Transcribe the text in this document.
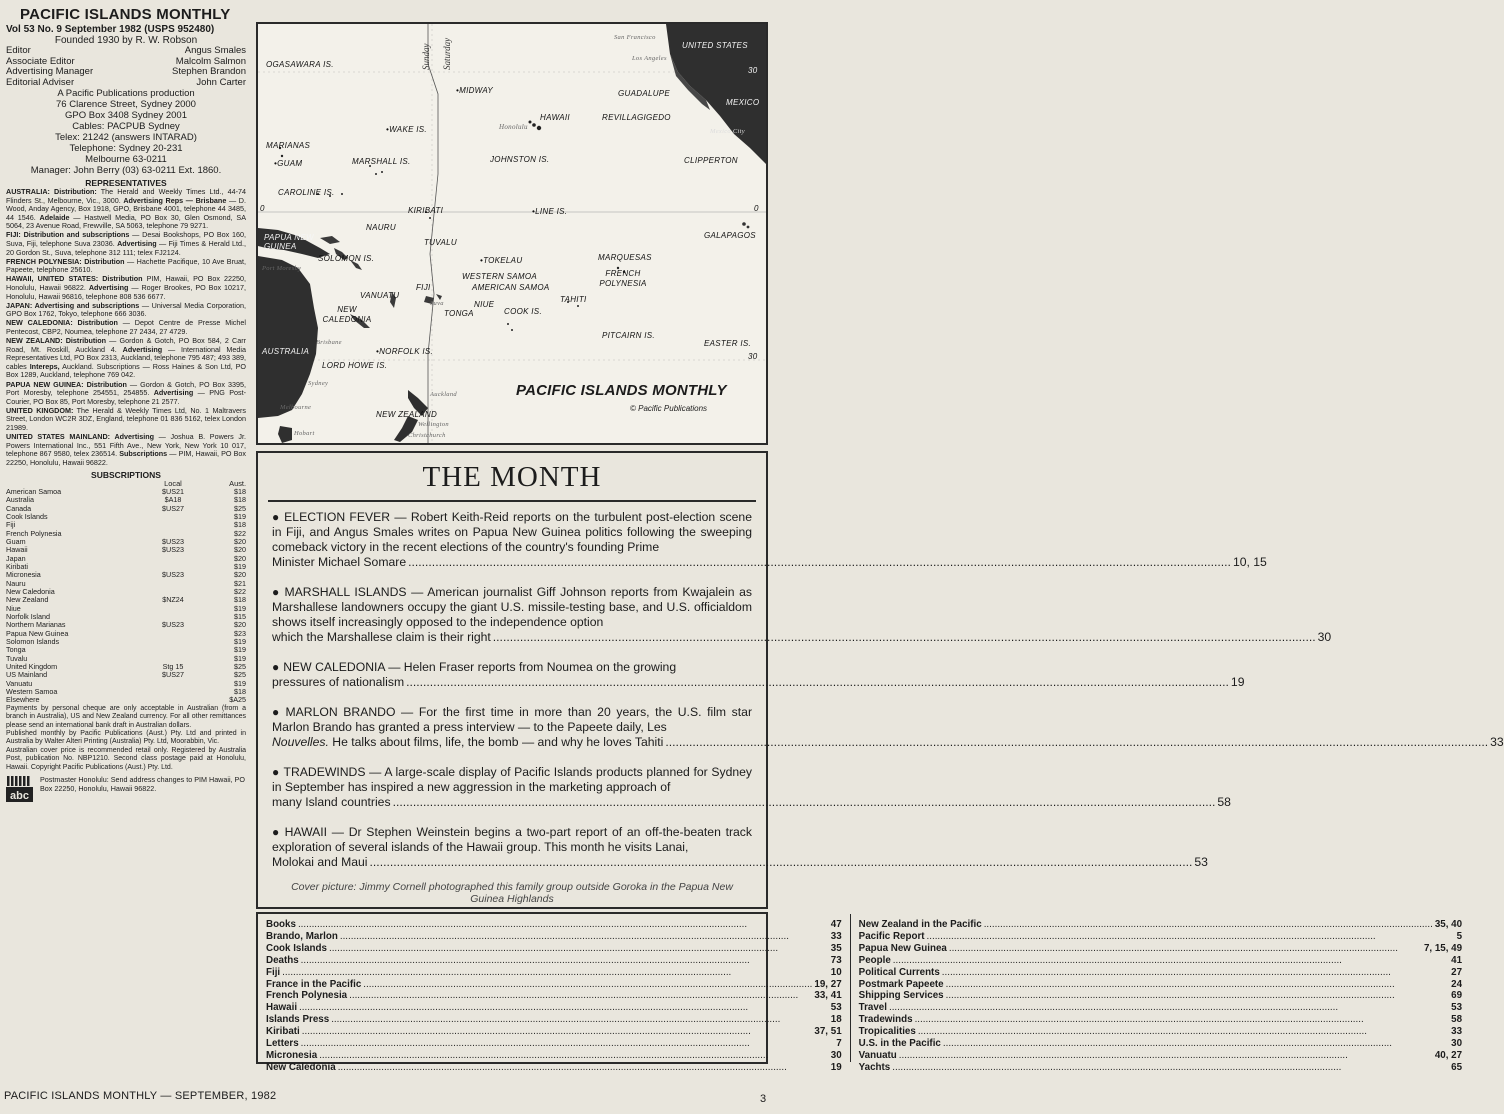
PACIFIC ISLANDS MONTHLY
Vol 53 No. 9 September 1982 (USPS 952480)
Founded 1930 by R. W. Robson
Editor	Angus Smales
Associate Editor	Malcolm Salmon
Advertising Manager	Stephen Brandon
Editorial Adviser	John Carter
A Pacific Publications production
76 Clarence Street, Sydney 2000
GPO Box 3408 Sydney 2001
Cables: PACPUB Sydney
Telex: 21242 (answers INTARAD)
Telephone: Sydney 20-231
Melbourne 63-0211
Manager: John Berry (03) 63-0211 Ext. 1860.
REPRESENTATIVES
AUSTRALIA: Distribution: The Herald and Weekly Times Ltd., 44-74 Flinders St., Melbourne, Vic., 3000. Advertising Reps — Brisbane — D. Wood, Anday Agency, Box 1918, GPO, Brisbane 4001, telephone 44 3485, 44 1546. Adelaide — Hastwell Media, PO Box 30, Glen Osmond, SA 5064, 23 Avenue Road, Frewville, SA 5063, telephone 79 9271.
FIJI: Distribution and subscriptions — Desai Bookshops, PO Box 160, Suva, Fiji, telephone Suva 23036. Advertising — Fiji Times & Herald Ltd., 20 Gordon St., Suva, telephone 312 111; telex FJ2124.
FRENCH POLYNESIA: Distribution — Hachette Pacifique, 10 Ave Bruat, Papeete, telephone 25610.
HAWAII, UNITED STATES: Distribution PIM, Hawaii, PO Box 22250, Honolulu, Hawaii 96822. Advertising — Roger Brookes, PO Box 10217, Honolulu, Hawaii 96816, telephone 808 536 6677.
JAPAN: Advertising and subscriptions — Universal Media Corporation, GPO Box 1762, Tokyo, telephone 666 3036.
NEW CALEDONIA: Distribution — Depot Centre de Presse Michel Pentecost, CBP2, Noumea, telephone 27 2434, 27 4729.
NEW ZEALAND: Distribution — Gordon & Gotch, PO Box 584, 2 Carr Road, Mt. Roskill, Auckland 4. Advertising — International Media Representatives Ltd, PO Box 2313, Auckland, telephone 795 487; 493 389, cables Intereps, Auckland. Subscriptions — Ross Haines & Son Ltd, PO Box 1289, Auckland, telephone 769 042.
PAPUA NEW GUINEA: Distribution — Gordon & Gotch, PO Box 3395, Port Moresby, telephone 254551, 254855. Advertising — PNG Post-Courier, PO Box 85, Port Moresby, telephone 21 2577.
UNITED KINGDOM: The Herald & Weekly Times Ltd, No. 1 Maltravers Street, London WC2R 3DZ, England, telephone 01 836 5162, telex London 21989.
UNITED STATES MAINLAND: Advertising — Joshua B. Powers Jr. Powers International Inc., 551 Fifth Ave., New York, New York 10 017, telephone 867 9580, telex 236514. Subscriptions — PIM, Hawaii, PO Box 22250, Honolulu, Hawaii 96822.
SUBSCRIPTIONS
	Local	Aust.
American Samoa	$US21	$18
Australia	$A18	$18
Canada	$US27	$25
Cook Islands		$19
Fiji		$18
French Polynesia		$22
Guam	$US23	$20
Hawaii	$US23	$20
Japan		$20
Kiribati		$19
Micronesia	$US23	$20
Nauru		$21
New Caledonia		$22
New Zealand	$NZ24	$18
Niue		$19
Norfolk Island		$15
Northern Marianas	$US23	$20
Papua New Guinea		$23
Solomon Islands		$19
Tonga		$19
Tuvalu		$19
United Kingdom	Stg 15	$25
US Mainland	$US27	$25
Vanuatu		$19
Western Samoa		$18
Elsewhere		$A25
Payments by personal cheque are only acceptable in Australian (from a branch in Australia), US and New Zealand currency. For all other remittances please send an international bank draft in Australian dollars.
Published monthly by Pacific Publications (Aust.) Pty. Ltd and printed in Australia by Walter Alteri Printing (Australia) Pty. Ltd, Moorabbin, Vic.
Australian cover price is recommended retail only. Registered by Australia Post, publication No. NBP1210. Second class postage paid at Honolulu, Hawaii. Copyright Pacific Publications (Aust.) Pty. Ltd.
abc
Postmaster Honolulu: Send address changes to PIM Hawaii, PO Box 22250, Honolulu, Hawaii 96822.
Sunday Saturday
OGASAWARA IS.
•MIDWAY
MARIANAS
•GUAM
•WAKE IS.
MARSHALL IS.
CAROLINE IS.
HAWAII
Honolulu
JOHNSTON IS.
KIRIBATI	•LINE IS.
NAURU
PAPUA NEW GUINEA	TUVALU
SOLOMON IS.	•TOKELAU	MARQUESAS
WESTERN SAMOA
AMERICAN SAMOA
FRENCH POLYNESIA
TAHITI
VANUATU
FIJI
Suva	NIUE
TONGA	COOK IS.
NEW CALEDONIA
AUSTRALIA
Brisbane
Port Moresby
•NORFOLK IS.
LORD HOWE IS.
PITCAIRN IS.
EASTER IS.
Sydney
Melbourne
Hobart
Auckland
NEW ZEALAND
Wellington
Christchurch
UNITED STATES
San Francisco
Los Angeles
GUADALUPE
REVILLAGIGEDO
MEXICO
Mexico City
CLIPPERTON
GALAPAGOS
30
0	0
30
PACIFIC ISLANDS MONTHLY
© Pacific Publications
THE MONTH
● ELECTION FEVER — Robert Keith-Reid reports on the turbulent post-election scene in Fiji, and Angus Smales writes on Papua New Guinea politics following the sweeping comeback victory in the recent elections of the country's founding Prime
Minister Michael Somare .....	10, 15
● MARSHALL ISLANDS — American journalist Giff Johnson reports from Kwajalein as Marshallese landowners occupy the giant U.S. missile-testing base, and U.S. officialdom shows itself increasingly opposed to the independence option
which the Marshallese claim is their right .....	30
● NEW CALEDONIA — Helen Fraser reports from Noumea on the growing
pressures of nationalism .....	19
● MARLON BRANDO — For the first time in more than 20 years, the U.S. film star Marlon Brando has granted a press interview — to the Papeete daily, Les
Nouvelles. He talks about films, life, the bomb — and why he loves Tahiti .....	33
● TRADEWINDS — A large-scale display of Pacific Islands products planned for Sydney in September has inspired a new aggression in the marketing approach of
many Island countries .....	58
● HAWAII — Dr Stephen Weinstein begins a two-part report of an off-the-beaten track exploration of several islands of the Hawaii group. This month he visits Lanai,
Molokai and Maui .....	53
Cover picture: Jimmy Cornell photographed this family group outside Goroka in the Papua New Guinea Highlands
Books .....	47
Brando, Marlon .....	33
Cook Islands .....	35
Deaths .....	73
Fiji .....	10
France in the Pacific .....	19, 27
French Polynesia .....	33, 41
Hawaii .....	53
Islands Press .....	18
Kiribati .....	37, 51
Letters .....	7
Micronesia .....	30
New Caledonia .....	19
New Zealand in the Pacific .....	35, 40
Pacific Report .....	5
Papua New Guinea .....	7, 15, 49
People .....	41
Political Currents .....	27
Postmark Papeete .....	24
Shipping Services .....	69
Travel .....	53
Tradewinds .....	58
Tropicalities .....	33
U.S. in the Pacific .....	30
Vanuatu .....	40, 27
Yachts .....	65
PACIFIC ISLANDS MONTHLY — SEPTEMBER, 1982	3
